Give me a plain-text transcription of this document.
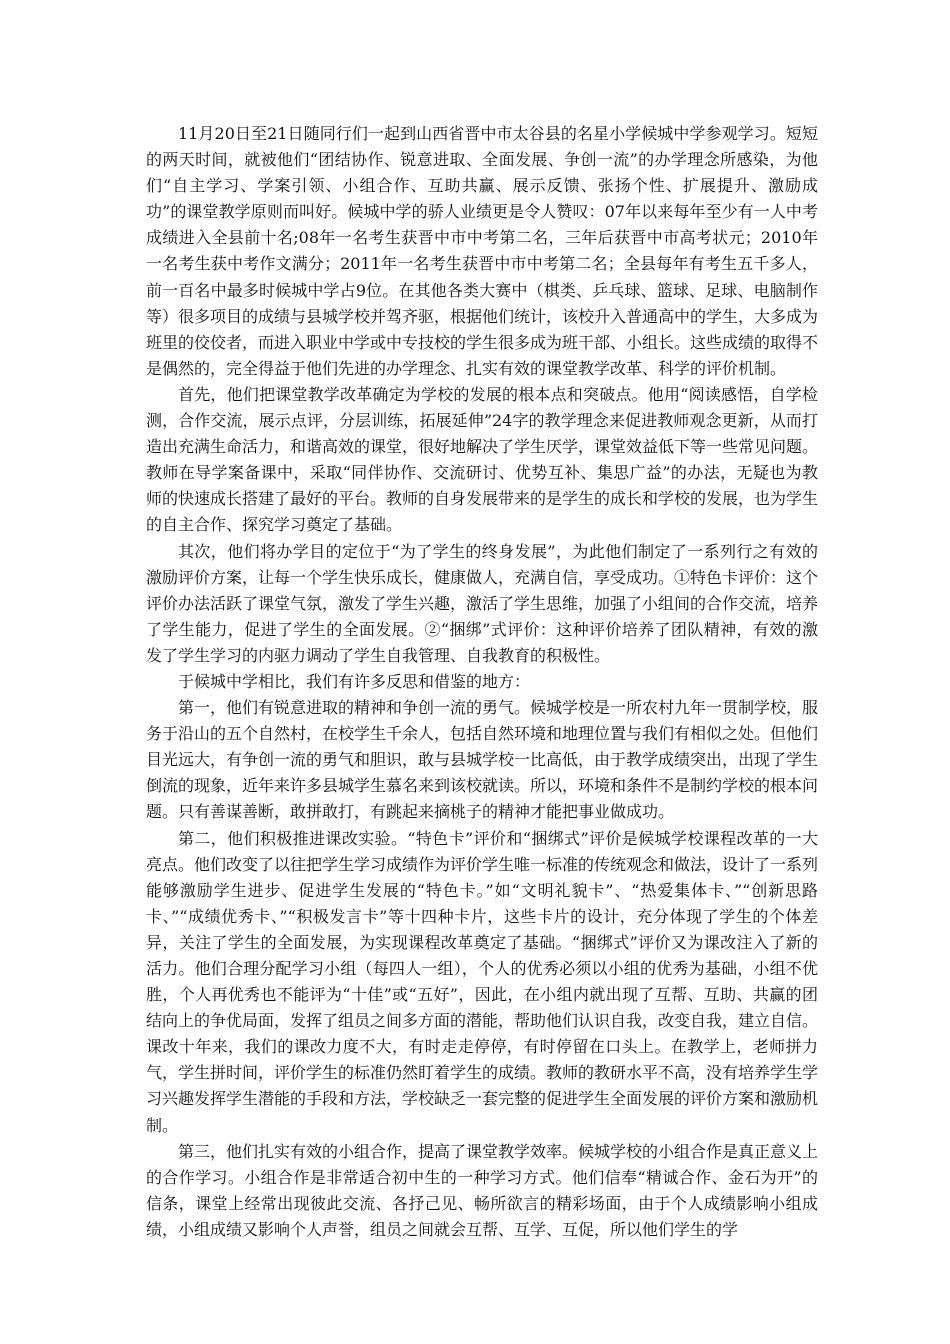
11月20日至21日随同行们一起到山西省晋中市太谷县的名星小学候城中学参观学习。短短的两天时间，就被他们“团结协作、锐意进取、全面发展、争创一流”的办学理念所感染，为他们“自主学习、学案引领、小组合作、互助共赢、展示反馈、张扬个性、扩展提升、激励成功”的课堂教学原则而叫好。候城中学的骄人业绩更是令人赞叹：07年以来每年至少有一人中考成绩进入全县前十名;08年一名考生获晋中市中考第二名，三年后获晋中市高考状元；2010年一名考生获中考作文满分；2011年一名考生获晋中市中考第二名；全县每年有考生五千多人，前一百名中最多时候城中学占9位。在其他各类大赛中（棋类、乒乓球、篮球、足球、电脑制作等）很多项目的成绩与县城学校并驾齐驱，根据他们统计，该校升入普通高中的学生，大多成为班里的佼佼者，而进入职业中学或中专技校的学生很多成为班干部、小组长。这些成绩的取得不是偶然的，完全得益于他们先进的办学理念、扎实有效的课堂教学改革、科学的评价机制。

首先，他们把课堂教学改革确定为学校的发展的根本点和突破点。他用“阅读感悟，自学检测，合作交流，展示点评，分层训练，拓展延伸”24字的教学理念来促进教师观念更新，从而打造出充满生命活力，和谐高效的课堂，很好地解决了学生厌学，课堂效益低下等一些常见问题。教师在导学案备课中，采取“同伴协作、交流研讨、优势互补、集思广益”的办法，无疑也为教师的快速成长搭建了最好的平台。教师的自身发展带来的是学生的成长和学校的发展，也为学生的自主合作、探究学习奠定了基础。

其次，他们将办学目的定位于“为了学生的终身发展”，为此他们制定了一系列行之有效的激励评价方案，让每一个学生快乐成长，健康做人，充满自信，享受成功。①特色卡评价：这个评价办法活跃了课堂气氛，激发了学生兴趣，激活了学生思维，加强了小组间的合作交流，培养了学生能力，促进了学生的全面发展。②“捆绑”式评价：这种评价培养了团队精神，有效的激发了学生学习的内驱力调动了学生自我管理、自我教育的积极性。

于候城中学相比，我们有许多反思和借鉴的地方：

第一，他们有锐意进取的精神和争创一流的勇气。候城学校是一所农村九年一贯制学校，服务于沿山的五个自然村，在校学生千余人，包括自然环境和地理位置与我们有相似之处。但他们目光远大，有争创一流的勇气和胆识，敢与县城学校一比高低，由于教学成绩突出，出现了学生倒流的现象，近年来许多县城学生慕名来到该校就读。所以，环境和条件不是制约学校的根本问题。只有善谋善断，敢拼敢打，有跳起来摘桃子的精神才能把事业做成功。

第二，他们积极推进课改实验。“特色卡”评价和“捆绑式”评价是候城学校课程改革的一大亮点。他们改变了以往把学生学习成绩作为评价学生唯一标准的传统观念和做法，设计了一系列能够激励学生进步、促进学生发展的“特色卡。”如“文明礼貌卡”、“热爱集体卡、”“创新思路卡、”“成绩优秀卡、”“积极发言卡”等十四种卡片，这些卡片的设计，充分体现了学生的个体差异，关注了学生的全面发展，为实现课程改革奠定了基础。“捆绑式”评价又为课改注入了新的活力。他们合理分配学习小组（每四人一组），个人的优秀必须以小组的优秀为基础，小组不优胜，个人再优秀也不能评为“十佳”或“五好”，因此，在小组内就出现了互帮、互助、共赢的团结向上的争优局面，发挥了组员之间多方面的潜能，帮助他们认识自我，改变自我，建立自信。课改十年来，我们的课改力度不大，有时走走停停，有时停留在口头上。在教学上，老师拼力气，学生拼时间，评价学生的标准仍然盯着学生的成绩。教师的教研水平不高，没有培养学生学习兴趣发挥学生潜能的手段和方法，学校缺乏一套完整的促进学生全面发展的评价方案和激励机制。

第三，他们扎实有效的小组合作，提高了课堂教学效率。候城学校的小组合作是真正意义上的合作学习。小组合作是非常适合初中生的一种学习方式。他们信奉“精诚合作、金石为开”的信条，课堂上经常出现彼此交流、各抒己见、畅所欲言的精彩场面，由于个人成绩影响小组成绩，小组成绩又影响个人声誉，组员之间就会互帮、互学、互促，所以他们学生的学
